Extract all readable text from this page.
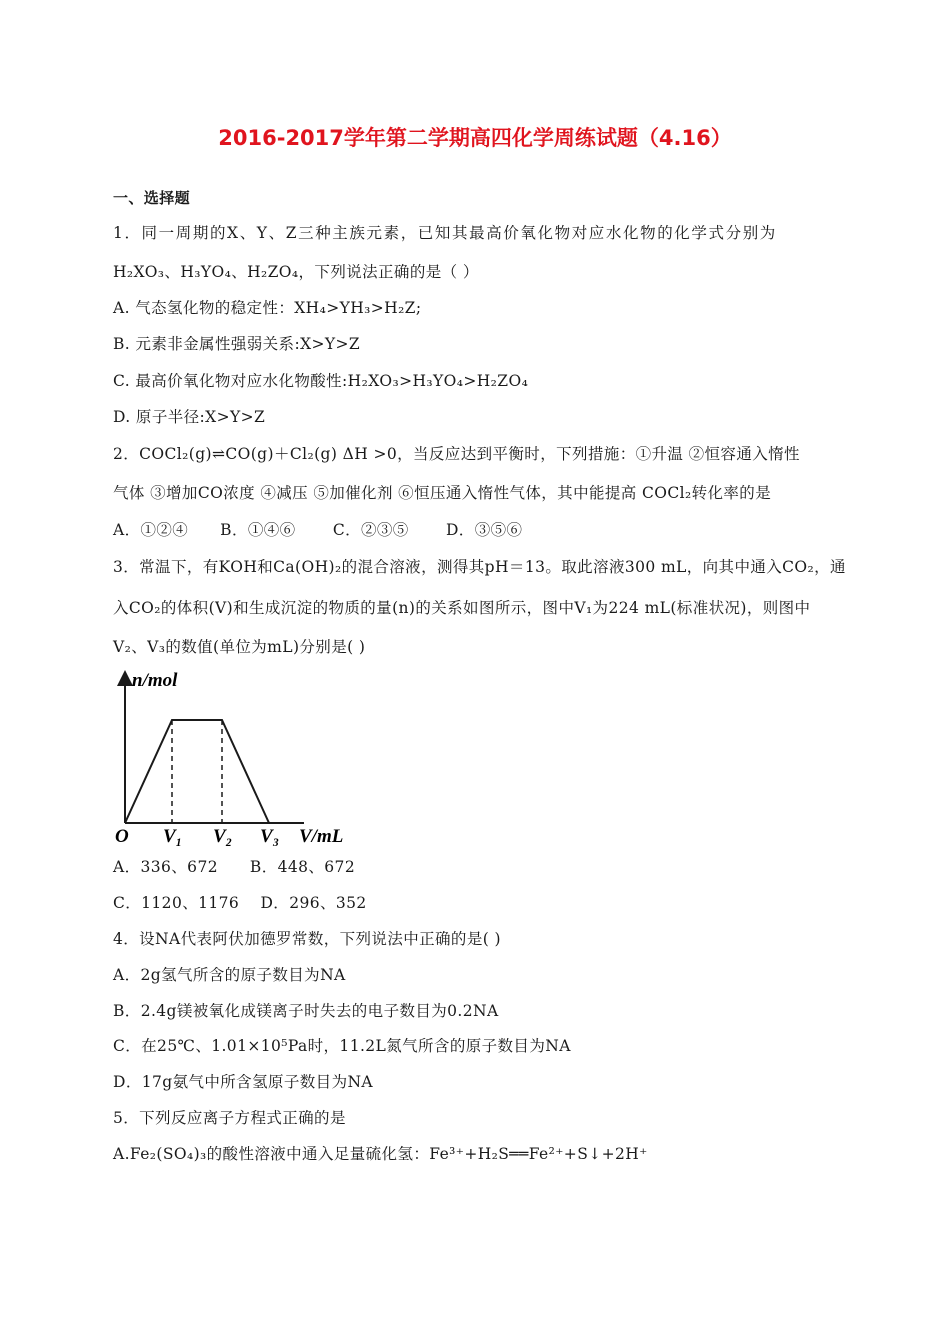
2016-2017学年第二学期高四化学周练试题（4.16）
一、选择题
1．同一周期的X、Y、Z三种主族元素，已知其最高价氧化物对应水化物的化学式分别为
H₂XO₃、H₃YO₄、H₂ZO₄，下列说法正确的是（ ）
A. 气态氢化物的稳定性：XH₄>YH₃>H₂Z;
B. 元素非金属性强弱关系:X>Y>Z
C. 最高价氧化物对应水化物酸性:H₂XO₃>H₃YO₄>H₂ZO₄
D. 原子半径:X>Y>Z
2．COCl₂(g)⇌CO(g)＋Cl₂(g) ΔH >0，当反应达到平衡时，下列措施：①升温 ②恒容通入惰性
气体 ③增加CO浓度 ④减压 ⑤加催化剂 ⑥恒压通入惰性气体，其中能提高 COCl₂转化率的是
A．①②④      B．①④⑥       C．②③⑤       D．③⑤⑥
3．常温下，有KOH和Ca(OH)₂的混合溶液，测得其pH＝13。取此溶液300 mL，向其中通入CO₂，通
入CO₂的体积(V)和生成沉淀的物质的量(n)的关系如图所示，图中V₁为224 mL(标准状况)，则图中
V₂、V₃的数值(单位为mL)分别是( )
n/mol
O V₁ V₂ V₃ V/mL
A．336、672      B．448、672
C．1120、1176    D．296、352
4．设NA代表阿伏加德罗常数，下列说法中正确的是( )
A．2g氢气所含的原子数目为NA
B．2.4g镁被氧化成镁离子时失去的电子数目为0.2NA
C．在25℃、1.01×10⁵Pa时，11.2L氮气所含的原子数目为NA
D．17g氨气中所含氢原子数目为NA
5．下列反应离子方程式正确的是
A.Fe₂(SO₄)₃的酸性溶液中通入足量硫化氢：Fe³⁺+H₂S══Fe²⁺+S↓+2H⁺
